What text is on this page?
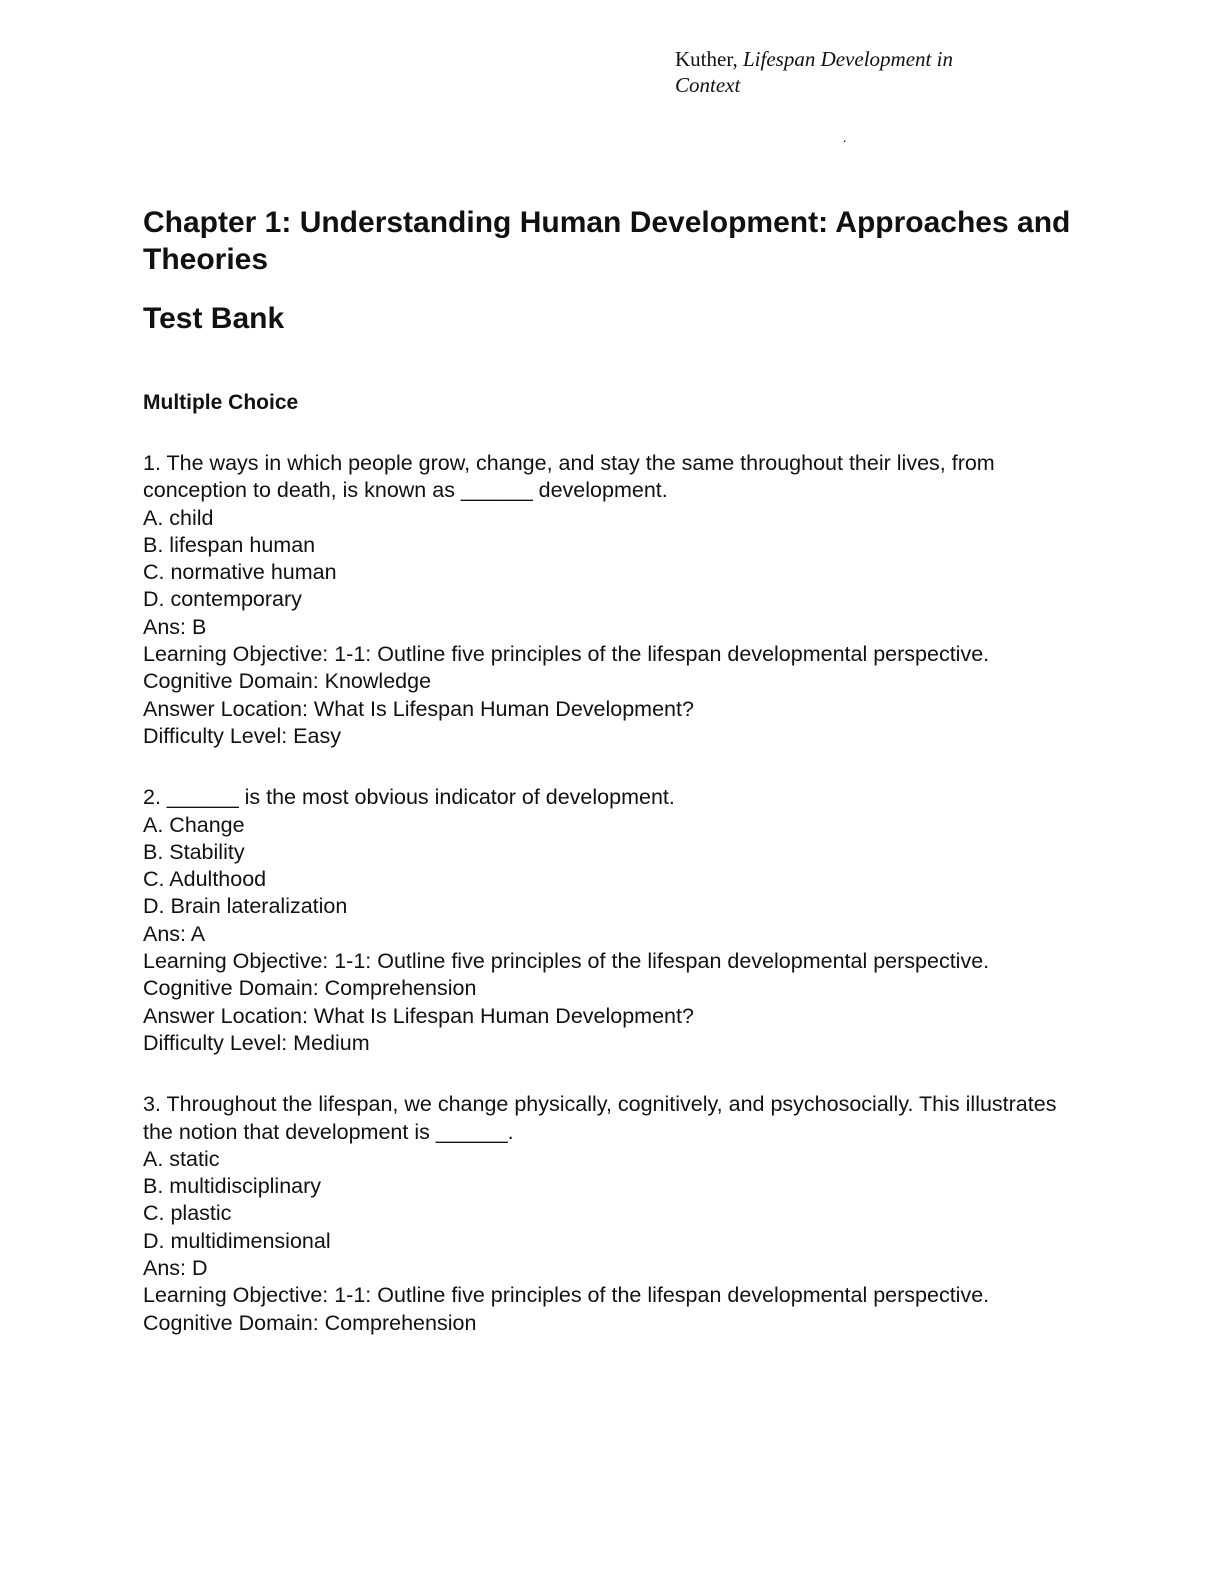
Kuther, Lifespan Development in Context
.
Chapter 1: Understanding Human Development: Approaches and Theories
Test Bank
Multiple Choice
1. The ways in which people grow, change, and stay the same throughout their lives, from conception to death, is known as ______ development.
A. child
B. lifespan human
C. normative human
D. contemporary
Ans: B
Learning Objective: 1-1: Outline five principles of the lifespan developmental perspective.
Cognitive Domain: Knowledge
Answer Location: What Is Lifespan Human Development?
Difficulty Level: Easy
2. ______ is the most obvious indicator of development.
A. Change
B. Stability
C. Adulthood
D. Brain lateralization
Ans: A
Learning Objective: 1-1: Outline five principles of the lifespan developmental perspective.
Cognitive Domain: Comprehension
Answer Location: What Is Lifespan Human Development?
Difficulty Level: Medium
3. Throughout the lifespan, we change physically, cognitively, and psychosocially. This illustrates the notion that development is ______.
A. static
B. multidisciplinary
C. plastic
D. multidimensional
Ans: D
Learning Objective: 1-1: Outline five principles of the lifespan developmental perspective.
Cognitive Domain: Comprehension
